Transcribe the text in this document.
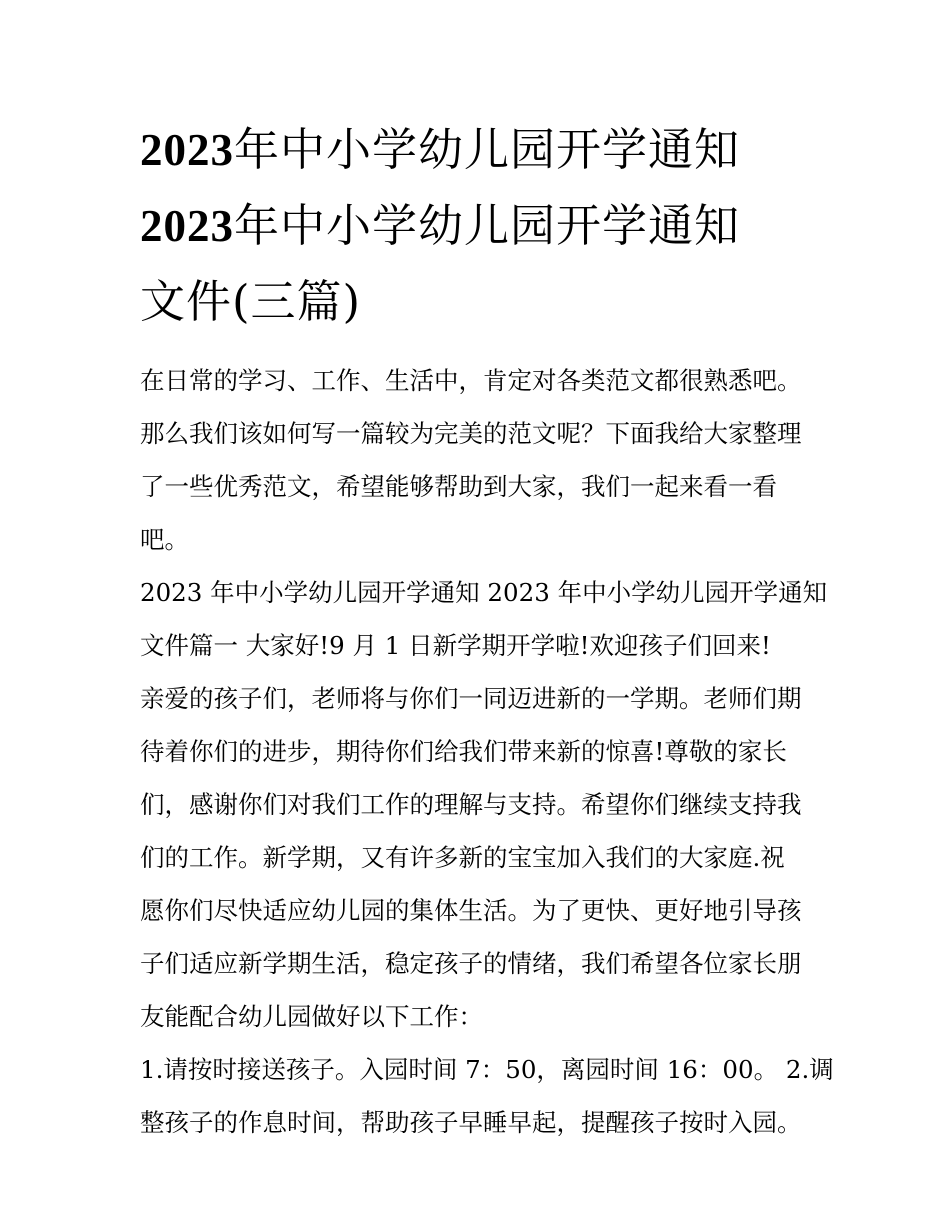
2023年中小学幼儿园开学通知
2023年中小学幼儿园开学通知
文件(三篇)

在日常的学习、工作、生活中，肯定对各类范文都很熟悉吧。
那么我们该如何写一篇较为完美的范文呢？下面我给大家整理
了一些优秀范文，希望能够帮助到大家，我们一起来看一看
吧。

2023 年中小学幼儿园开学通知 2023 年中小学幼儿园开学通知
文件篇一 大家好!9 月 1 日新学期开学啦!欢迎孩子们回来!

亲爱的孩子们，老师将与你们一同迈进新的一学期。老师们期
待着你们的进步，期待你们给我们带来新的惊喜!尊敬的家长
们，感谢你们对我们工作的理解与支持。希望你们继续支持我
们的工作。新学期，又有许多新的宝宝加入我们的大家庭.祝
愿你们尽快适应幼儿园的集体生活。为了更快、更好地引导孩
子们适应新学期生活，稳定孩子的情绪，我们希望各位家长朋
友能配合幼儿园做好以下工作：

1.请按时接送孩子。入园时间 7：50，离园时间 16：00。 2.调
整孩子的作息时间，帮助孩子早睡早起，提醒孩子按时入园。
